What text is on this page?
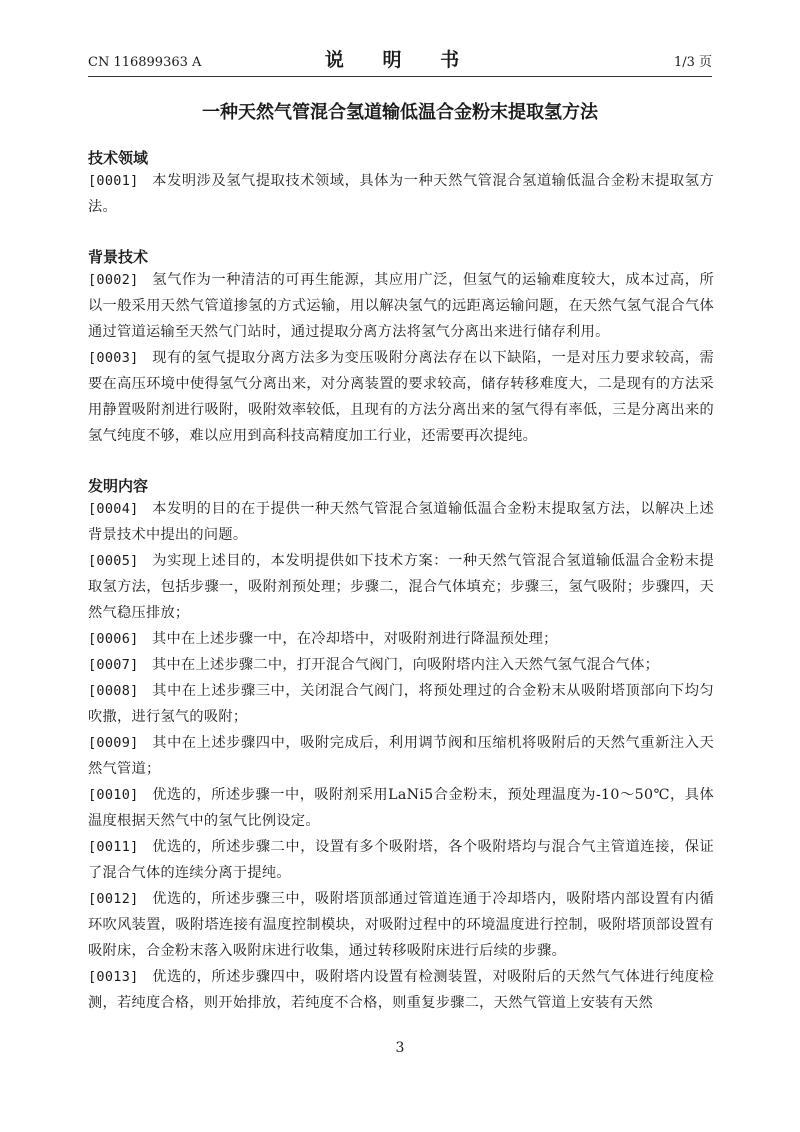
CN 116899363 A	说 明 书	1/3 页
一种天然气管混合氢道输低温合金粉末提取氢方法

技术领域

[0001] 本发明涉及氢气提取技术领域，具体为一种天然气管混合氢道输低温合金粉末提取氢方法。

背景技术

[0002] 氢气作为一种清洁的可再生能源，其应用广泛，但氢气的运输难度较大，成本过高，所以一般采用天然气管道掺氢的方式运输，用以解决氢气的远距离运输问题，在天然气氢气混合气体通过管道运输至天然气门站时，通过提取分离方法将氢气分离出来进行储存利用。

[0003] 现有的氢气提取分离方法多为变压吸附分离法存在以下缺陷，一是对压力要求较高，需要在高压环境中使得氢气分离出来，对分离装置的要求较高，储存转移难度大，二是现有的方法采用静置吸附剂进行吸附，吸附效率较低，且现有的方法分离出来的氢气得有率低，三是分离出来的氢气纯度不够，难以应用到高科技高精度加工行业，还需要再次提纯。

发明内容

[0004] 本发明的目的在于提供一种天然气管混合氢道输低温合金粉末提取氢方法，以解决上述背景技术中提出的问题。

[0005] 为实现上述目的，本发明提供如下技术方案：一种天然气管混合氢道输低温合金粉末提取氢方法，包括步骤一，吸附剂预处理；步骤二，混合气体填充；步骤三，氢气吸附；步骤四，天然气稳压排放；

[0006] 其中在上述步骤一中，在冷却塔中，对吸附剂进行降温预处理；

[0007] 其中在上述步骤二中，打开混合气阀门，向吸附塔内注入天然气氢气混合气体；

[0008] 其中在上述步骤三中，关闭混合气阀门，将预处理过的合金粉末从吸附塔顶部向下均匀吹撒，进行氢气的吸附；

[0009] 其中在上述步骤四中，吸附完成后，利用调节阀和压缩机将吸附后的天然气重新注入天然气管道；

[0010] 优选的，所述步骤一中，吸附剂采用LaNi5合金粉末，预处理温度为-10～50℃，具体温度根据天然气中的氢气比例设定。

[0011] 优选的，所述步骤二中，设置有多个吸附塔，各个吸附塔均与混合气主管道连接，保证了混合气体的连续分离于提纯。

[0012] 优选的，所述步骤三中，吸附塔顶部通过管道连通于冷却塔内，吸附塔内部设置有内循环吹风装置，吸附塔连接有温度控制模块，对吸附过程中的环境温度进行控制，吸附塔顶部设置有吸附床，合金粉末落入吸附床进行收集，通过转移吸附床进行后续的步骤。

[0013] 优选的，所述步骤四中，吸附塔内设置有检测装置，对吸附后的天然气气体进行纯度检测，若纯度合格，则开始排放，若纯度不合格，则重复步骤二，天然气管道上安装有天然

3
